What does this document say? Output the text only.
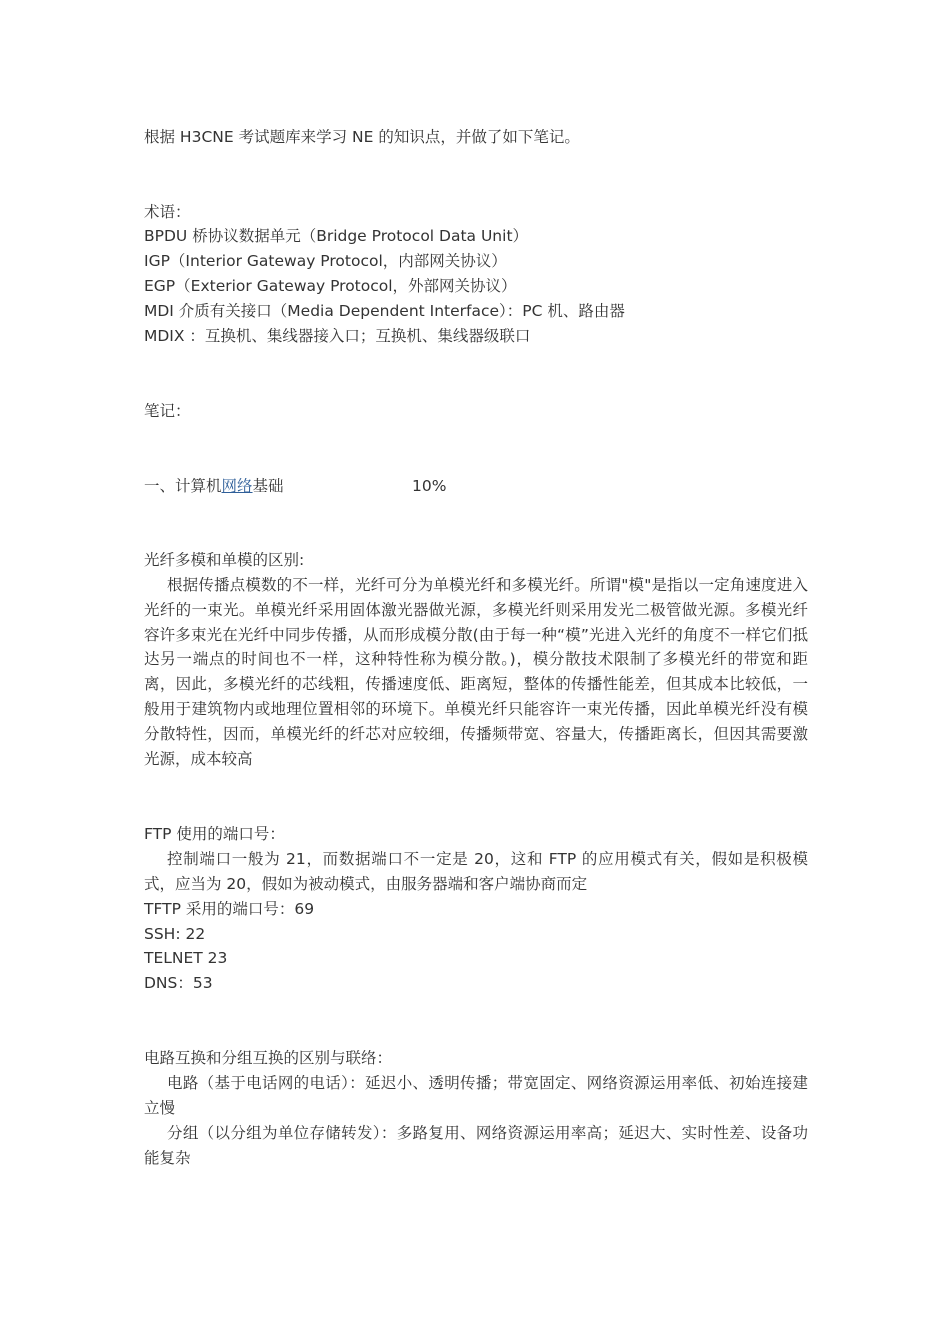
根据 H3CNE 考试题库来学习 NE 的知识点，并做了如下笔记。
术语：
BPDU 桥协议数据单元（Bridge Protocol Data Unit）
IGP（Interior Gateway Protocol，内部网关协议）
EGP（Exterior Gateway Protocol，外部网关协议）
MDI 介质有关接口（Media Dependent Interface）：PC 机、路由器
MDIX ：互换机、集线器接入口；互换机、集线器级联口
笔记：
一、计算机网络基础	10%
光纤多模和单模的区别:
根据传播点模数的不一样，光纤可分为单模光纤和多模光纤。所谓"模"是指以一定角速度进入光纤的一束光。单模光纤采用固体激光器做光源，多模光纤则采用发光二极管做光源。多模光纤容许多束光在光纤中同步传播，从而形成模分散(由于每一种“模”光进入光纤的角度不一样它们抵达另一端点的时间也不一样，这种特性称为模分散。)，模分散技术限制了多模光纤的带宽和距离，因此，多模光纤的芯线粗，传播速度低、距离短，整体的传播性能差，但其成本比较低，一般用于建筑物内或地理位置相邻的环境下。单模光纤只能容许一束光传播，因此单模光纤没有模分散特性，因而，单模光纤的纤芯对应较细，传播频带宽、容量大，传播距离长，但因其需要激光源，成本较高
FTP 使用的端口号：
控制端口一般为 21，而数据端口不一定是 20，这和 FTP 的应用模式有关，假如是积极模式，应当为 20，假如为被动模式，由服务器端和客户端协商而定
TFTP 采用的端口号：69
SSH: 22
TELNET 23
DNS：53
电路互换和分组互换的区别与联络：
电路（基于电话网的电话）：延迟小、透明传播；带宽固定、网络资源运用率低、初始连接建立慢
分组（以分组为单位存储转发）：多路复用、网络资源运用率高；延迟大、实时性差、设备功能复杂
